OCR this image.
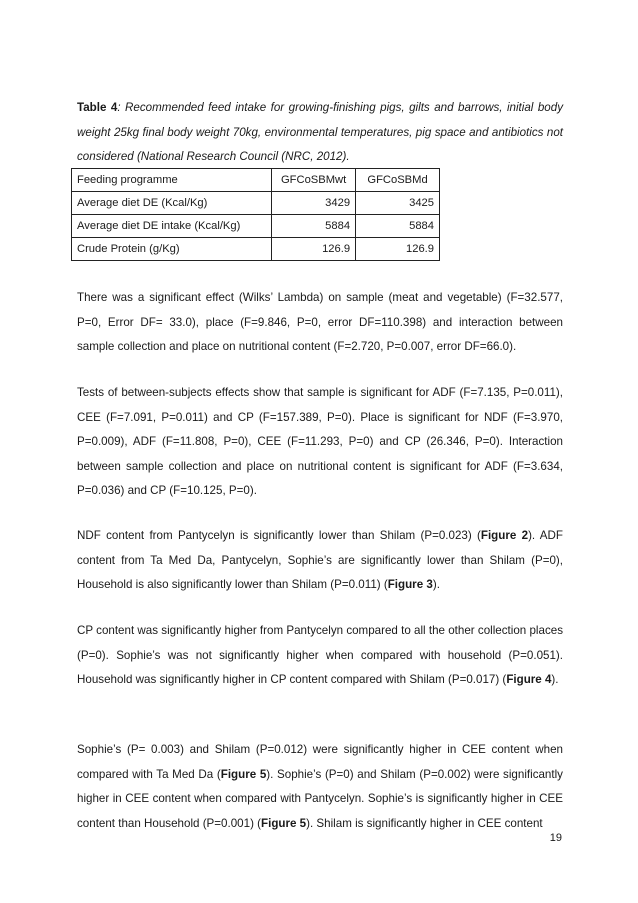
Table 4: Recommended feed intake for growing-finishing pigs, gilts and barrows, initial body weight 25kg final body weight 70kg, environmental temperatures, pig space and antibiotics not considered (National Research Council (NRC, 2012).

Feeding programme	GFCoSBMwt	GFCoSBMd
Average diet DE (Kcal/Kg)	3429	3425
Average diet DE intake (Kcal/Kg)	5884	5884
Crude Protein (g/Kg)	126.9	126.9

There was a significant effect (Wilks’ Lambda) on sample (meat and vegetable) (F=32.577, P=0, Error DF= 33.0), place (F=9.846, P=0, error DF=110.398) and interaction between sample collection and place on nutritional content (F=2.720, P=0.007, error DF=66.0).

Tests of between-subjects effects show that sample is significant for ADF (F=7.135, P=0.011), CEE (F=7.091, P=0.011) and CP (F=157.389, P=0). Place is significant for NDF (F=3.970, P=0.009), ADF (F=11.808, P=0), CEE (F=11.293, P=0) and CP (26.346, P=0). Interaction between sample collection and place on nutritional content is significant for ADF (F=3.634, P=0.036) and CP (F=10.125, P=0).

NDF content from Pantycelyn is significantly lower than Shilam (P=0.023) (Figure 2). ADF content from Ta Med Da, Pantycelyn, Sophie’s are significantly lower than Shilam (P=0), Household is also significantly lower than Shilam (P=0.011) (Figure 3).

CP content was significantly higher from Pantycelyn compared to all the other collection places (P=0). Sophie’s was not significantly higher when compared with household (P=0.051). Household was significantly higher in CP content compared with Shilam (P=0.017) (Figure 4).

Sophie’s (P= 0.003) and Shilam (P=0.012) were significantly higher in CEE content when compared with Ta Med Da (Figure 5). Sophie’s (P=0) and Shilam (P=0.002) were significantly higher in CEE content when compared with Pantycelyn. Sophie’s is significantly higher in CEE content than Household (P=0.001) (Figure 5). Shilam is significantly higher in CEE content

19
